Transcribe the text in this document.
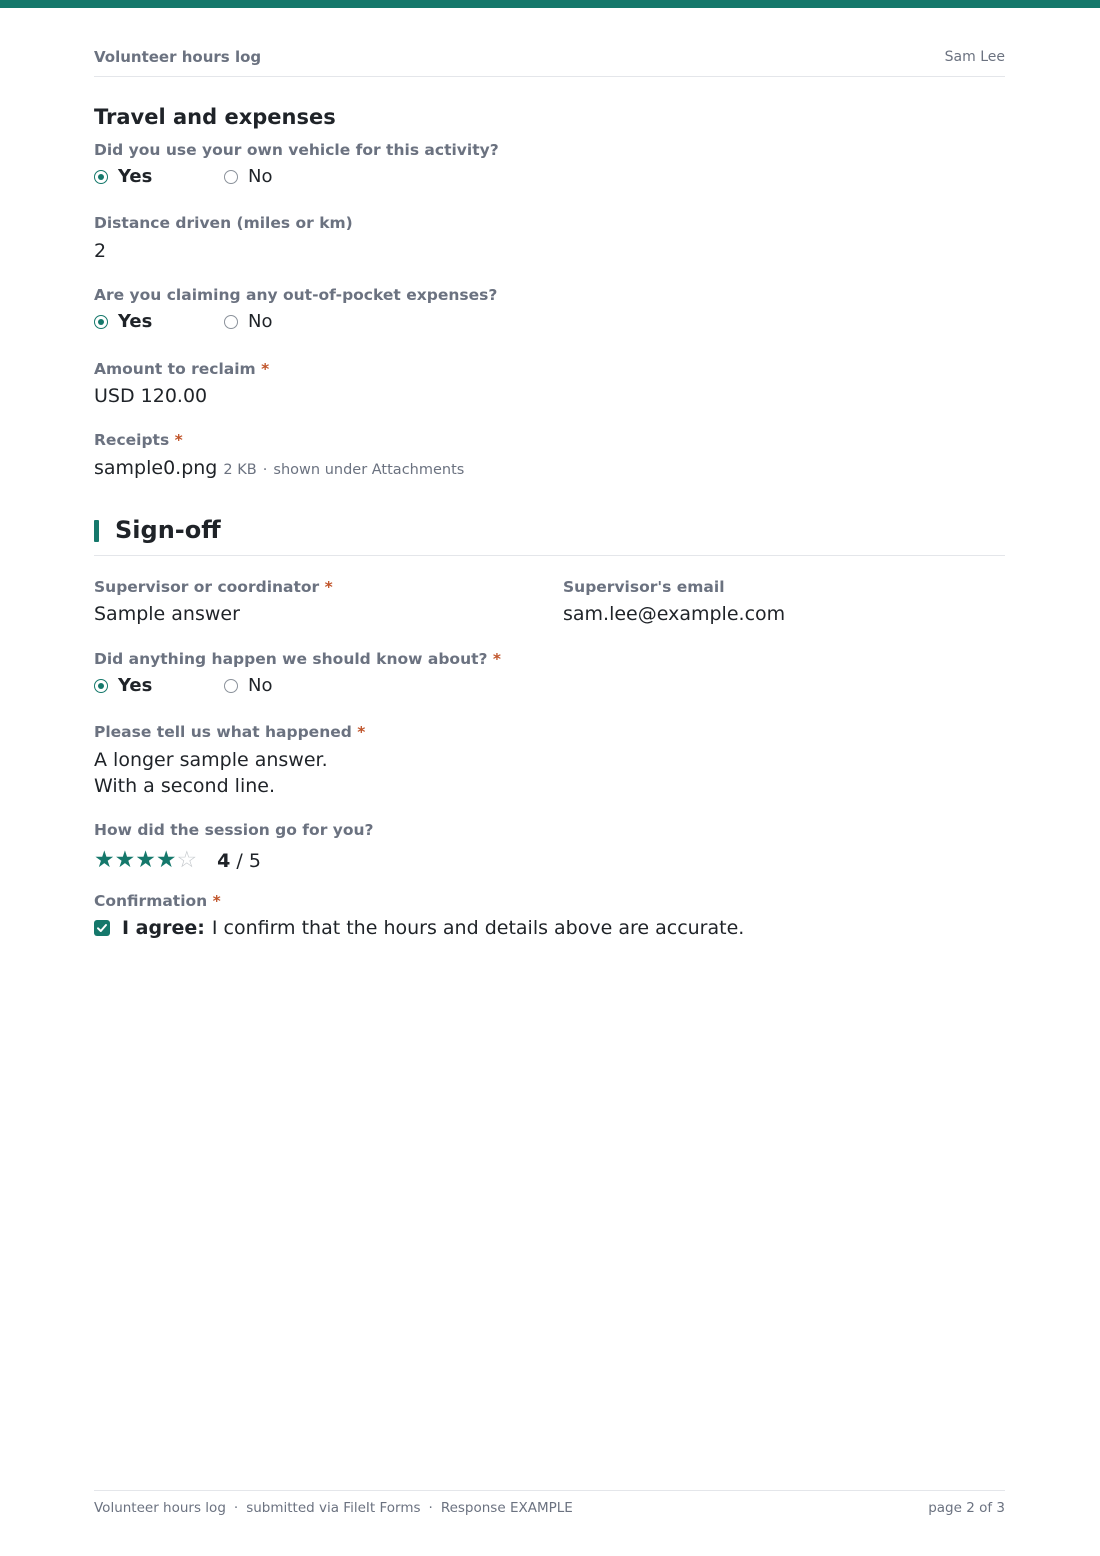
Volunteer hours log	Sam Lee
Travel and expenses
Did you use your own vehicle for this activity?
Yes	No
Distance driven (miles or km)
2
Are you claiming any out-of-pocket expenses?
Yes	No
Amount to reclaim *
USD 120.00
Receipts *
sample0.png 2 KB · shown under Attachments
Sign-off
Supervisor or coordinator *
Sample answer
Supervisor's email
sam.lee@example.com
Did anything happen we should know about? *
Yes	No
Please tell us what happened *
A longer sample answer.
With a second line.
How did the session go for you?
★ ★ ★ ★ ☆ 4 / 5
Confirmation *
I agree: I confirm that the hours and details above are accurate.
Volunteer hours log · submitted via FileIt Forms · Response EXAMPLE	page 2 of 3
